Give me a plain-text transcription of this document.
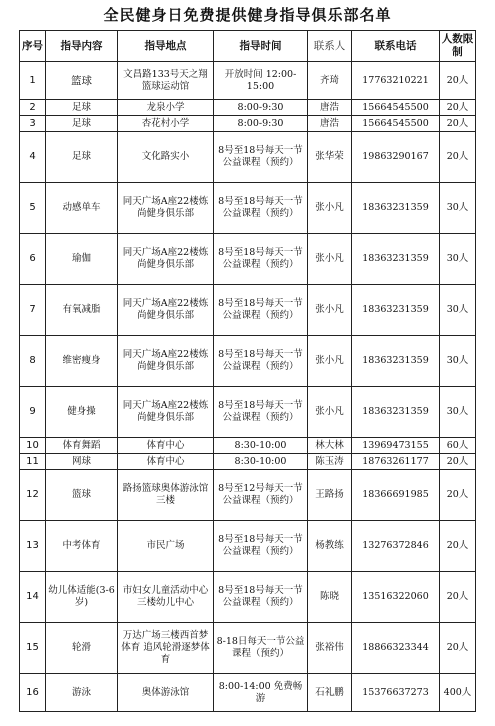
全民健身日免费提供健身指导俱乐部名单
序号	指导内容	指导地点	指导时间	联系人	联系电话	人数限制
1	篮球	文昌路133号天之翔篮球运动馆	开放时间 12:00-15:00	齐琦	17763210221	20人
2	足球	龙泉小学	8:00-9:30	唐浩	15664545500	20人
3	足球	杏花村小学	8:00-9:30	唐浩	15664545500	20人
4	足球	文化路实小	8号至18号每天一节公益课程（预约）	张华荣	19863290167	20人
5	动感单车	同天广场A座22楼炼尚健身俱乐部	8号至18号每天一节公益课程（预约）	张小凡	18363231359	30人
6	瑜伽	同天广场A座22楼炼尚健身俱乐部	8号至18号每天一节公益课程（预约）	张小凡	18363231359	30人
7	有氧减脂	同天广场A座22楼炼尚健身俱乐部	8号至18号每天一节公益课程（预约）	张小凡	18363231359	30人
8	维密瘦身	同天广场A座22楼炼尚健身俱乐部	8号至18号每天一节公益课程（预约）	张小凡	18363231359	30人
9	健身操	同天广场A座22楼炼尚健身俱乐部	8号至18号每天一节公益课程（预约）	张小凡	18363231359	30人
10	体育舞蹈	体育中心	8:30-10:00	林大林	13969473155	60人
11	网球	体育中心	8:30-10:00	陈玉涛	18763261177	20人
12	篮球	路扬篮球奥体游泳馆三楼	8号至12号每天一节公益课程（预约）	王路扬	18366691985	20人
13	中考体育	市民广场	8号至18号每天一节公益课程（预约）	杨教练	13276372846	20人
14	幼儿体适能(3-6岁)	市妇女儿童活动中心三楼幼儿中心	8号至18号每天一节公益课程（预约）	陈晓	13516322060	20人
15	轮滑	万达广场三楼西首梦体育 追风轮滑逐梦体育	8-18日每天一节公益课程（预约）	张裕伟	18866323344	20人
16	游泳	奥体游泳馆	8:00-14:00 免费畅游	石礼鹏	15376637273	400人
